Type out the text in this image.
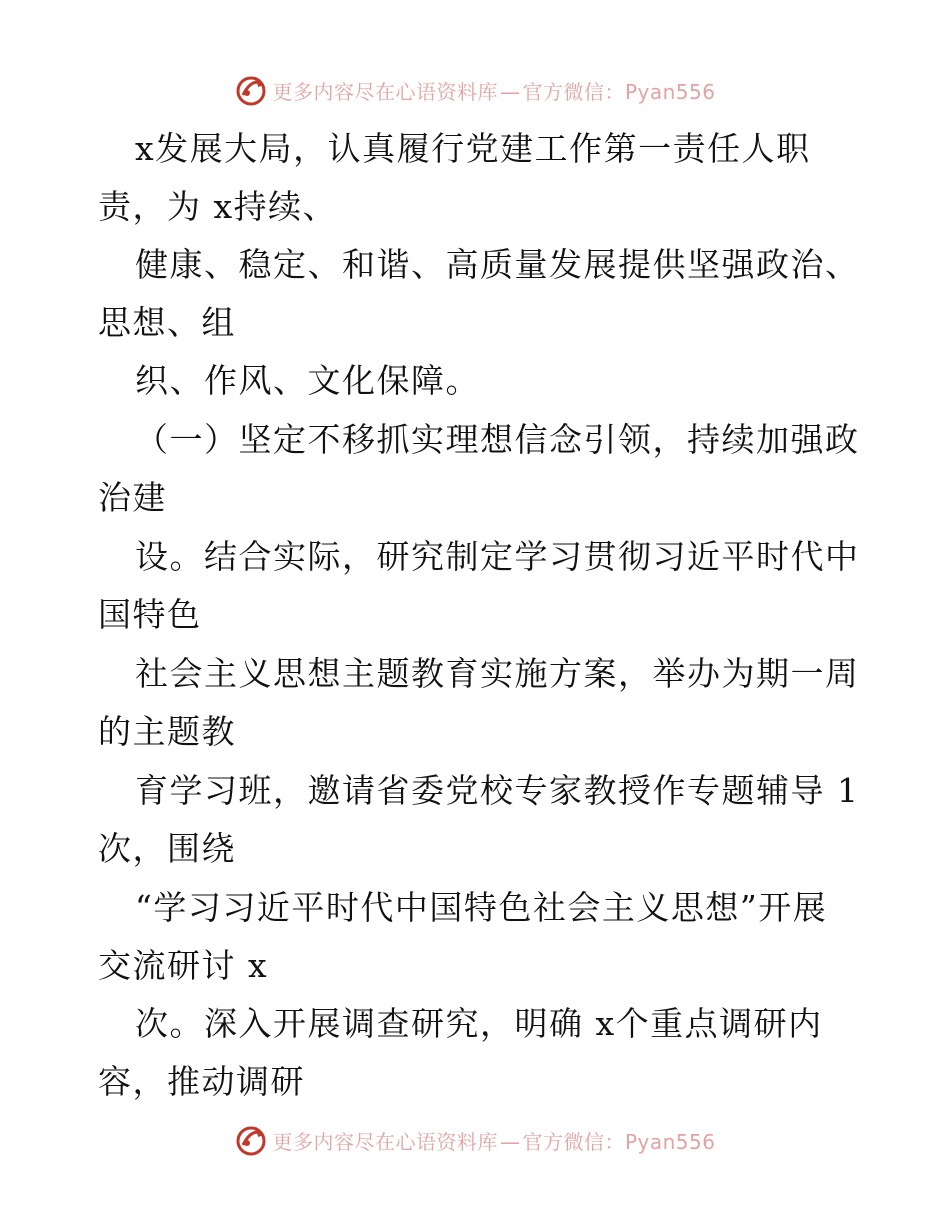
更多内容尽在心语资料库 — 官方微信：Pyan556
x发展大局，认真履行党建工作第一责任人职
责，为 x持续、
健康、稳定、和谐、高质量发展提供坚强政治、
思想、组
织、作风、文化保障。
（一）坚定不移抓实理想信念引领，持续加强政
治建
设。结合实际，研究制定学习贯彻习近平时代中
国特色
社会主义思想主题教育实施方案，举办为期一周
的主题教
育学习班，邀请省委党校专家教授作专题辅导 1
次，围绕
“学习习近平时代中国特色社会主义思想”开展
交流研讨 x
次。深入开展调查研究，明确 x个重点调研内
容，推动调研
更多内容尽在心语资料库 — 官方微信：Pyan556
